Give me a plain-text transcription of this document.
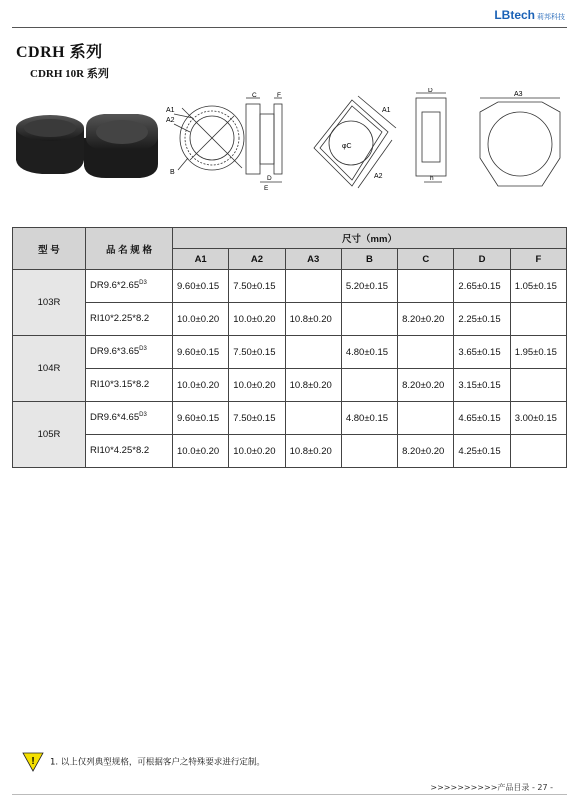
LBtech 莉邦科技
CDRH 系列
CDRH 10R 系列
A1
A2
B
C	F
D
E
φC
A1
A2
D
h
A3
型 号	品 名 规 格	尺寸（mm）						
		A1	A2	A3	B	C	D	F
103R	$DR9.6*2.65^{D3}$	9.60±0.15	7.50±0.15		5.20±0.15		2.65±0.15	1.05±0.15
	RI10*2.25*8.2	10.0±0.20	10.0±0.20	10.8±0.20		8.20±0.20	2.25±0.15	
104R	$DR9.6*3.65^{D3}$	9.60±0.15	7.50±0.15		4.80±0.15		3.65±0.15	1.95±0.15
	RI10*3.15*8.2	10.0±0.20	10.0±0.20	10.8±0.20		8.20±0.20	3.15±0.15	
105R	$DR9.6*4.65^{D3}$	9.60±0.15	7.50±0.15		4.80±0.15		4.65±0.15	3.00±0.15
	RI10*4.25*8.2	10.0±0.20	10.0±0.20	10.8±0.20		8.20±0.20	4.25±0.15	
! 1. 以上仅列典型规格，可根据客户之特殊要求进行定制。
>>>>>>>>>>产品目录 - 27 -
